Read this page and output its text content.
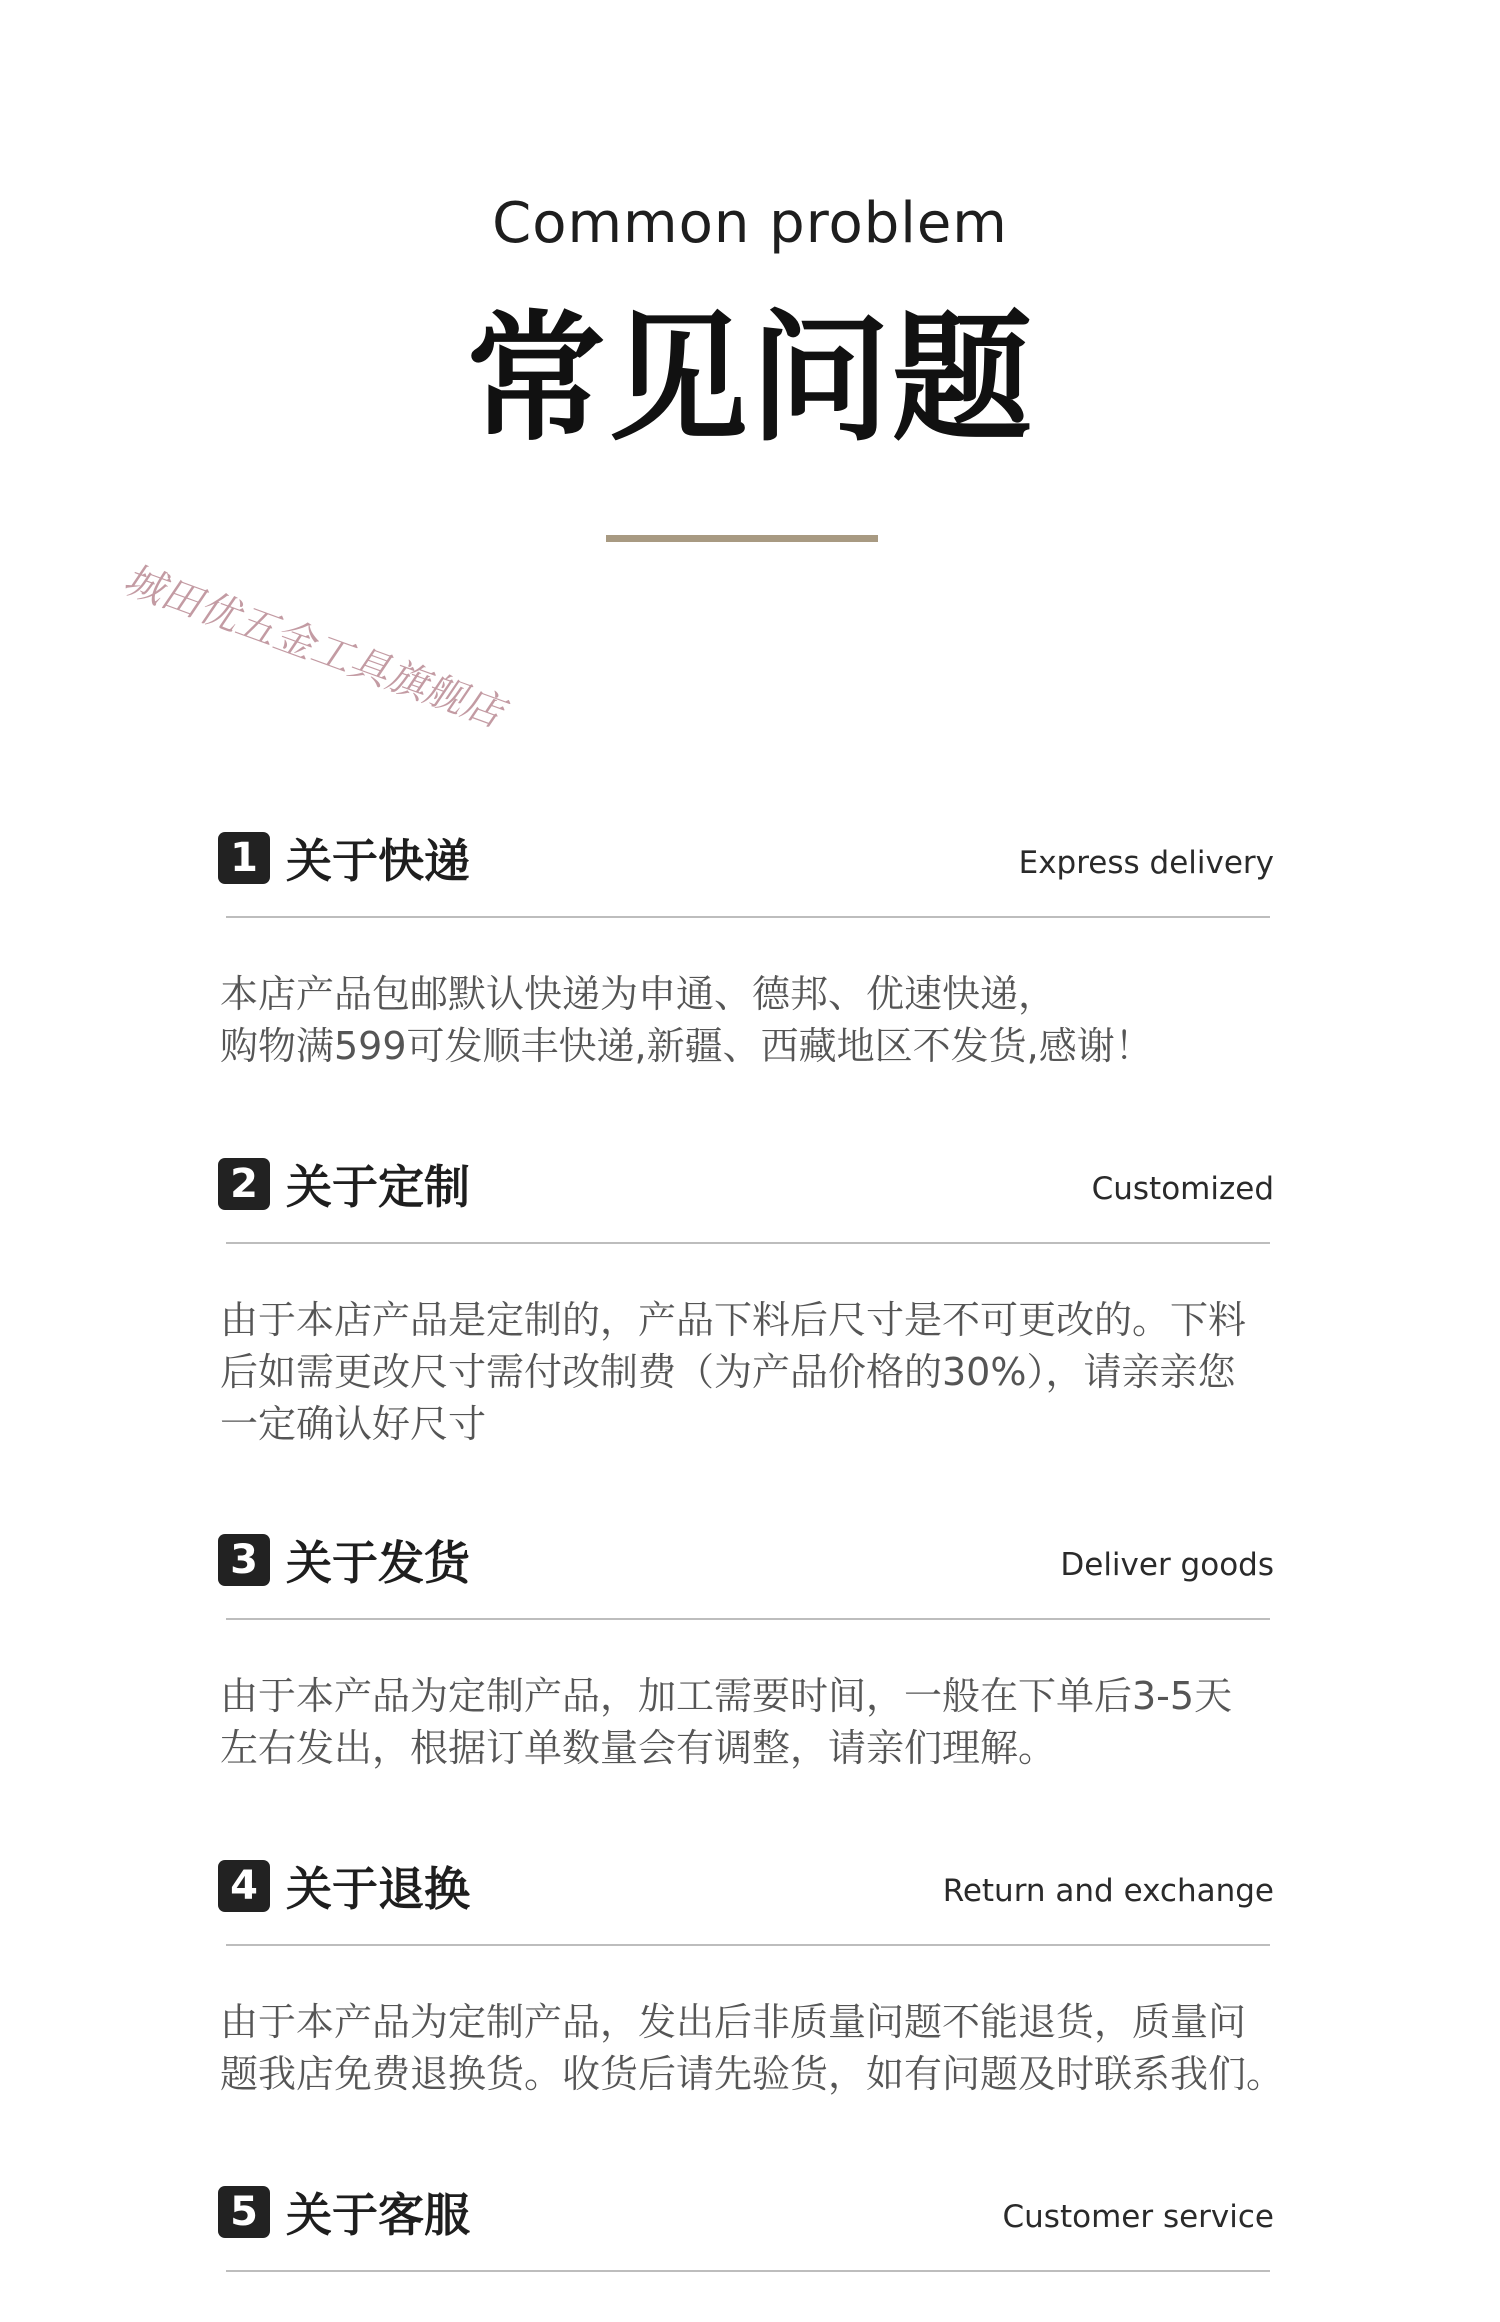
Common problem
常见问题
城田优五金工具旗舰店
1 关于快递	Express delivery

本店产品包邮默认快递为申通、德邦、优速快递，

购物满599可发顺丰快递,新疆、西藏地区不发货,感谢！

2 关于定制	Customized

由于本店产品是定制的，产品下料后尺寸是不可更改的。下料

后如需更改尺寸需付改制费（为产品价格的30%），请亲亲您

一定确认好尺寸

3 关于发货	Deliver goods

由于本产品为定制产品，加工需要时间，一般在下单后3-5天

左右发出，根据订单数量会有调整，请亲们理解。

4 关于退换	Return and exchange

由于本产品为定制产品，发出后非质量问题不能退货，质量问

题我店免费退换货。收货后请先验货，如有问题及时联系我们。

5 关于客服	Customer service
